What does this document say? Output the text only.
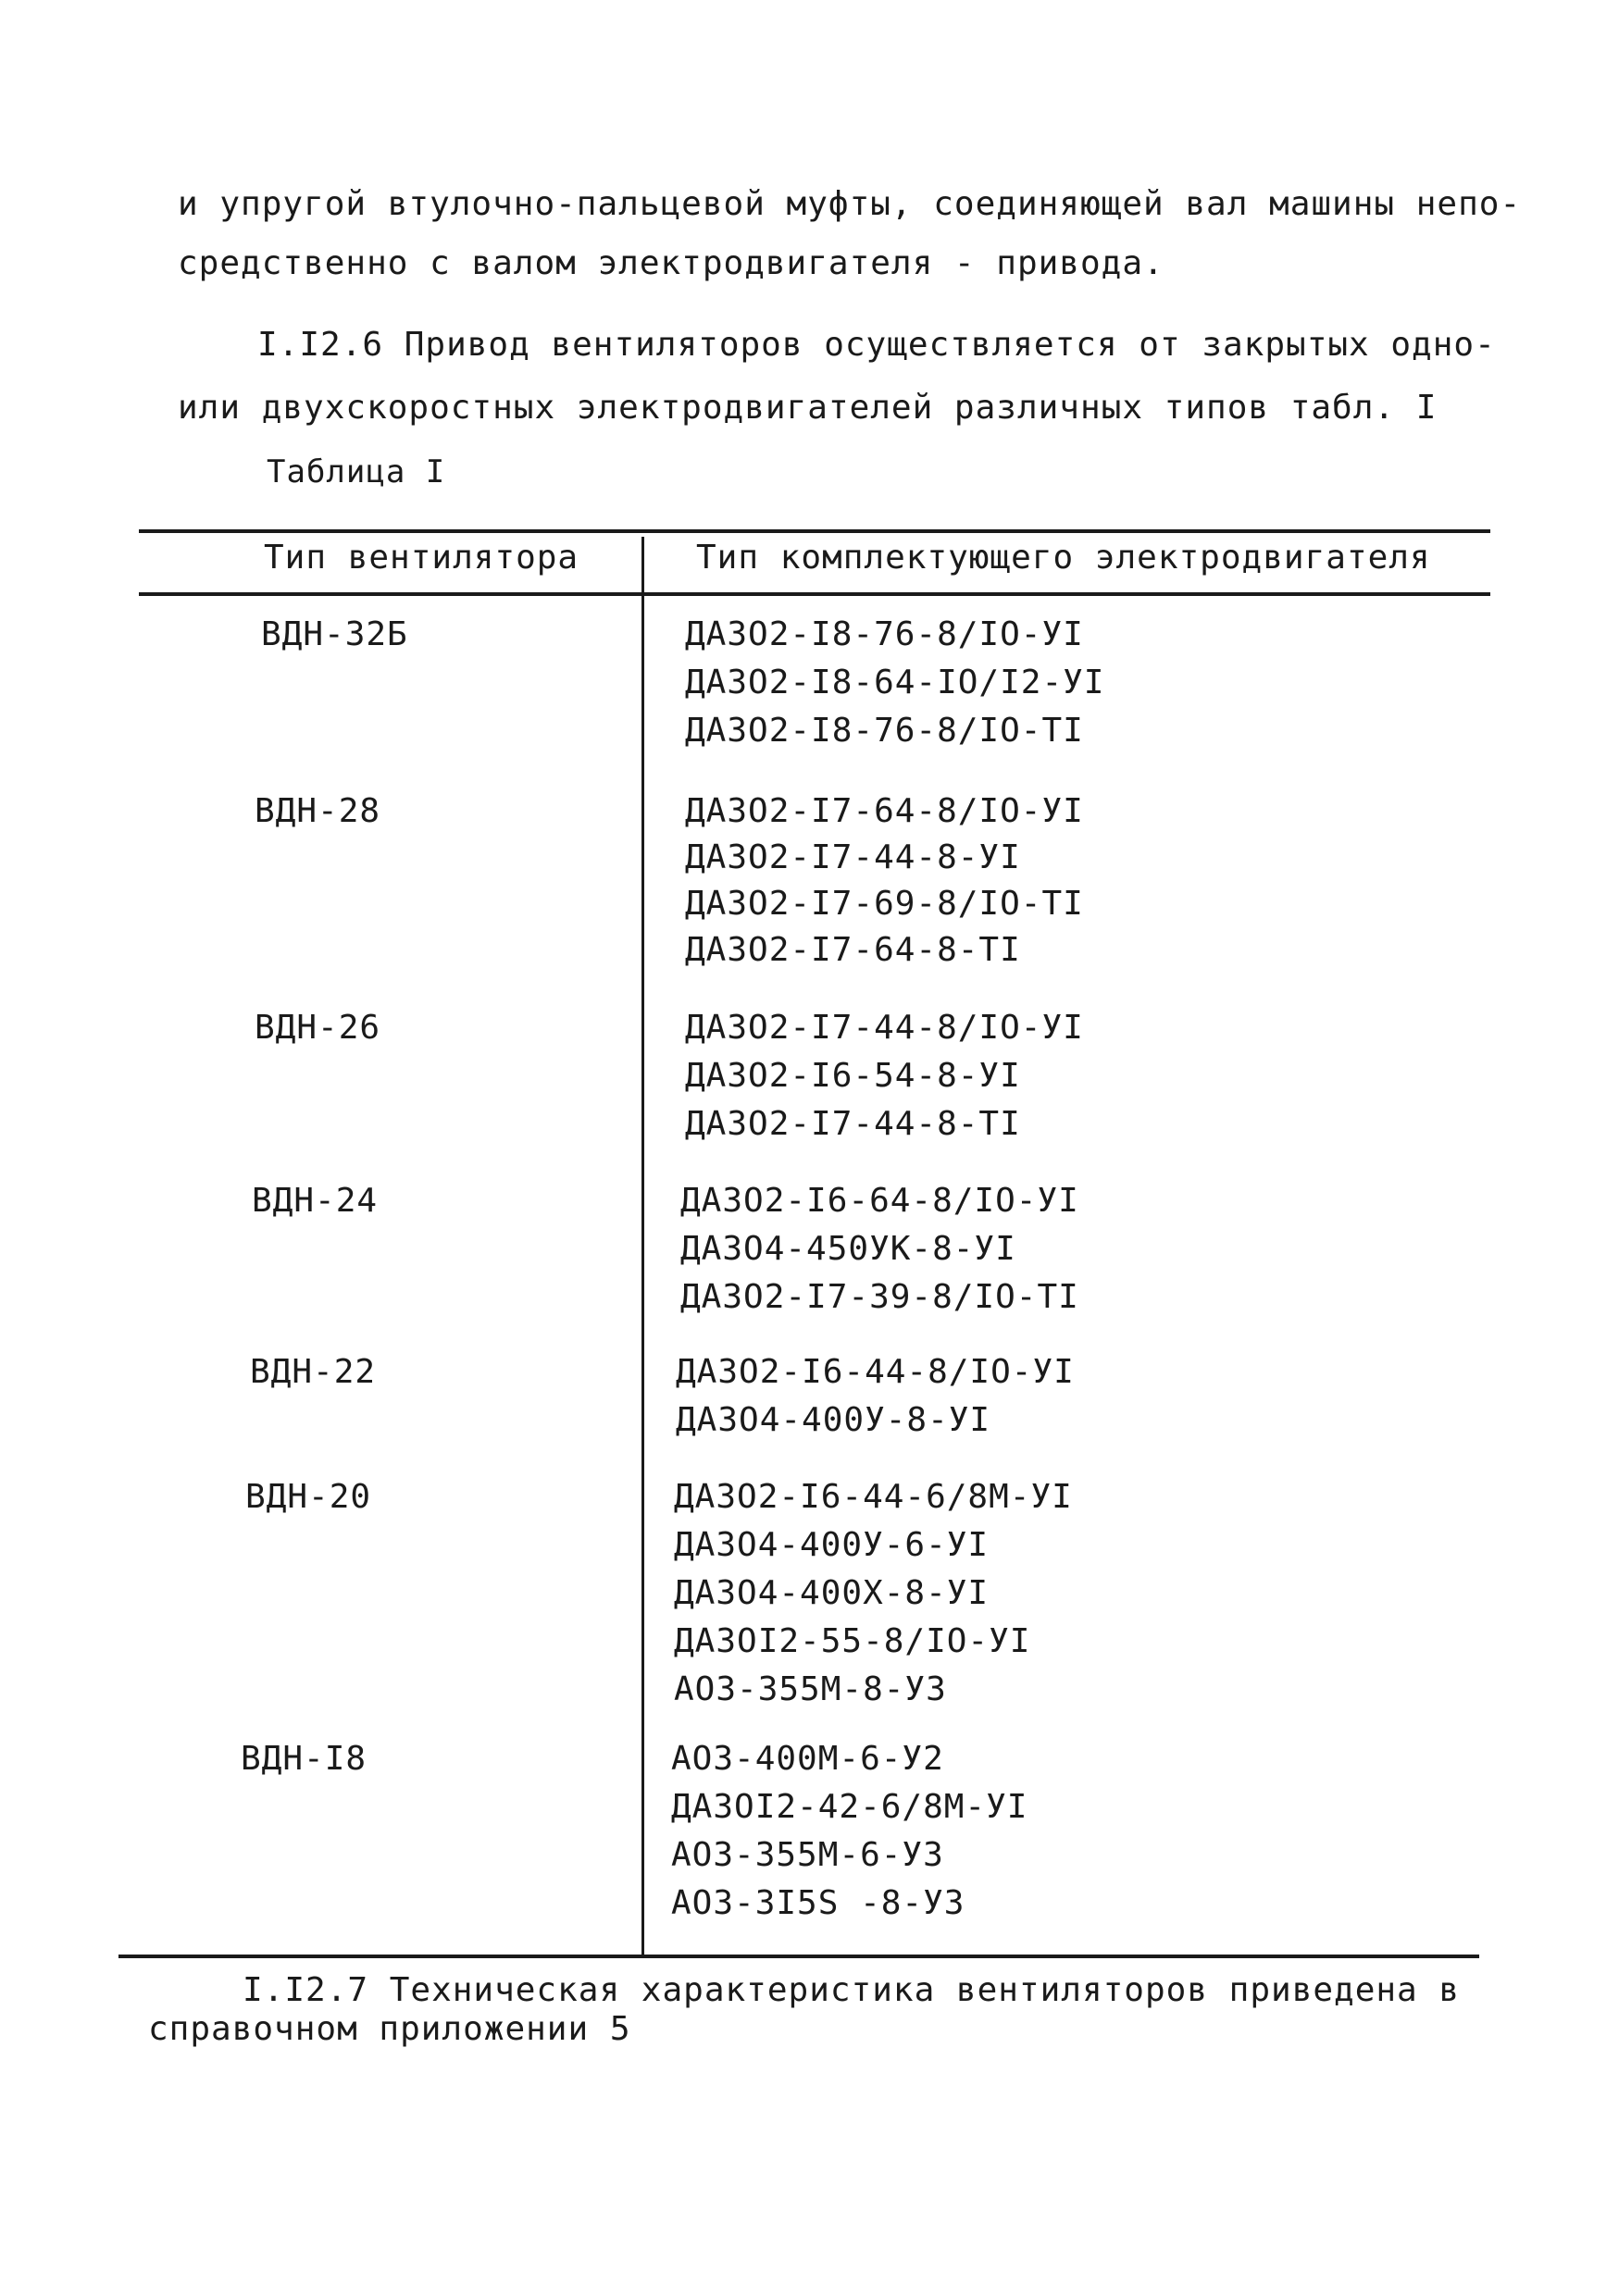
и упругой втулочно-пальцевой муфты, соединяющей вал машины непо-
средственно с валом электродвигателя - привода.
I.I2.6 Привод вентиляторов осуществляется от закрытых одно-
или двухскоростных электродвигателей различных типов табл. I
Таблица I
Тип вентилятора	Тип комплектующего электродвигателя
ВДН-32Б	ДАЗО2-I8-76-8/IO-УI
ДАЗО2-I8-64-IO/I2-УI
ДАЗО2-I8-76-8/IO-TI
ВДН-28	ДАЗО2-I7-64-8/IO-УI
ДАЗО2-I7-44-8-УI
ДАЗО2-I7-69-8/IO-TI
ДАЗО2-I7-64-8-TI
ВДН-26	ДАЗО2-I7-44-8/IO-УI
ДАЗО2-I6-54-8-УI
ДАЗО2-I7-44-8-TI
ВДН-24	ДАЗО2-I6-64-8/IO-УI
ДАЗО4-450УК-8-УI
ДАЗО2-I7-39-8/IO-TI
ВДН-22	ДАЗО2-I6-44-8/IO-УI
ДАЗО4-400У-8-УI
ВДН-20	ДАЗО2-I6-44-6/8М-УI
ДАЗО4-400У-6-УI
ДАЗО4-400Х-8-УI
ДАЗОI2-55-8/IO-УI
АОЗ-355М-8-УЗ
ВДН-I8	АОЗ-400М-6-У2
ДАЗОI2-42-6/8М-УI
АОЗ-355М-6-УЗ
АОЗ-3I5S -8-УЗ
I.I2.7 Техническая характеристика вентиляторов приведена в
справочном приложении 5
